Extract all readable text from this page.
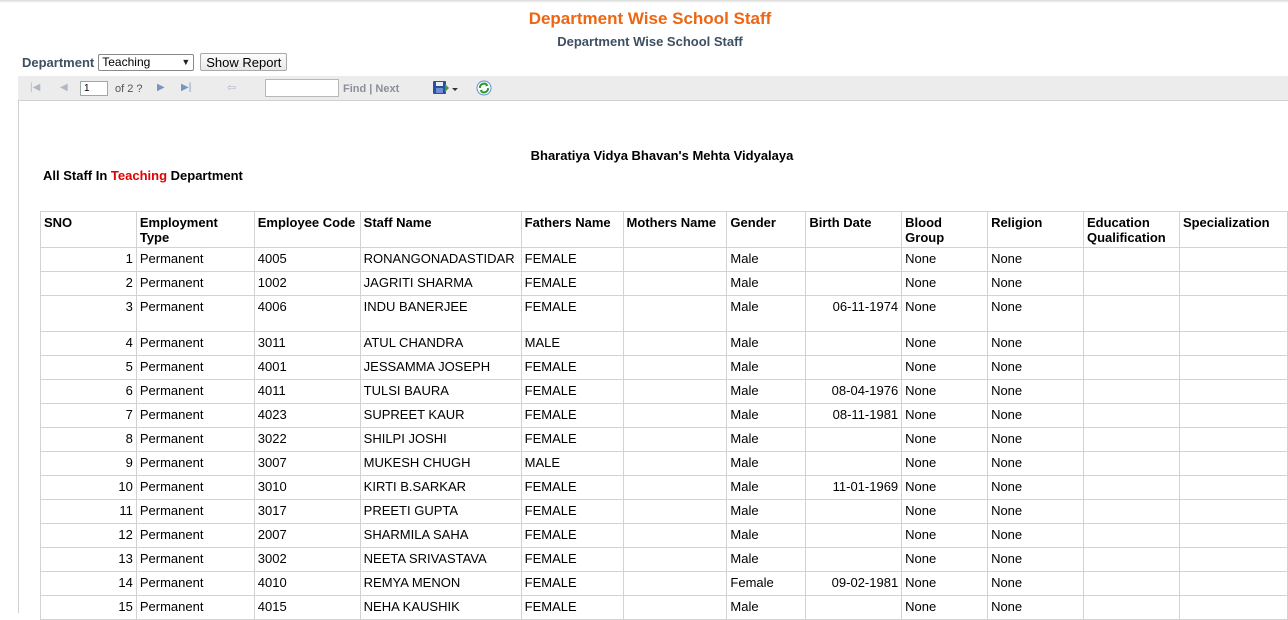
Department Wise School Staff
Department Wise School Staff
Department Teaching	▼	Show Report
|◀ ◀	1	of 2 ? ▶ ▶|	⇦	Find | Next
Bharatiya Vidya Bhavan's Mehta Vidyalaya
All Staff In Teaching Department
SNO	Employment Type	Employee Code	Staff Name	Fathers Name	Mothers Name	Gender	Birth Date	Blood Group	Religion	Education Qualification	Specialization
1	Permanent	4005	RONANGONADASTIDAR	FEMALE		Male		None	None		
2	Permanent	1002	JAGRITI SHARMA	FEMALE		Male		None	None		
3	Permanent	4006	INDU BANERJEE	FEMALE		Male	06-11-1974	None	None		
4	Permanent	3011	ATUL CHANDRA	MALE		Male		None	None		
5	Permanent	4001	JESSAMMA JOSEPH	FEMALE		Male		None	None		
6	Permanent	4011	TULSI BAURA	FEMALE		Male	08-04-1976	None	None		
7	Permanent	4023	SUPREET KAUR	FEMALE		Male	08-11-1981	None	None		
8	Permanent	3022	SHILPI JOSHI	FEMALE		Male		None	None		
9	Permanent	3007	MUKESH CHUGH	MALE		Male		None	None		
10	Permanent	3010	KIRTI B.SARKAR	FEMALE		Male	11-01-1969	None	None		
11	Permanent	3017	PREETI GUPTA	FEMALE		Male		None	None		
12	Permanent	2007	SHARMILA SAHA	FEMALE		Male		None	None		
13	Permanent	3002	NEETA SRIVASTAVA	FEMALE		Male		None	None		
14	Permanent	4010	REMYA MENON	FEMALE		Female	09-02-1981	None	None		
15	Permanent	4015	NEHA KAUSHIK	FEMALE		Male		None	None		
